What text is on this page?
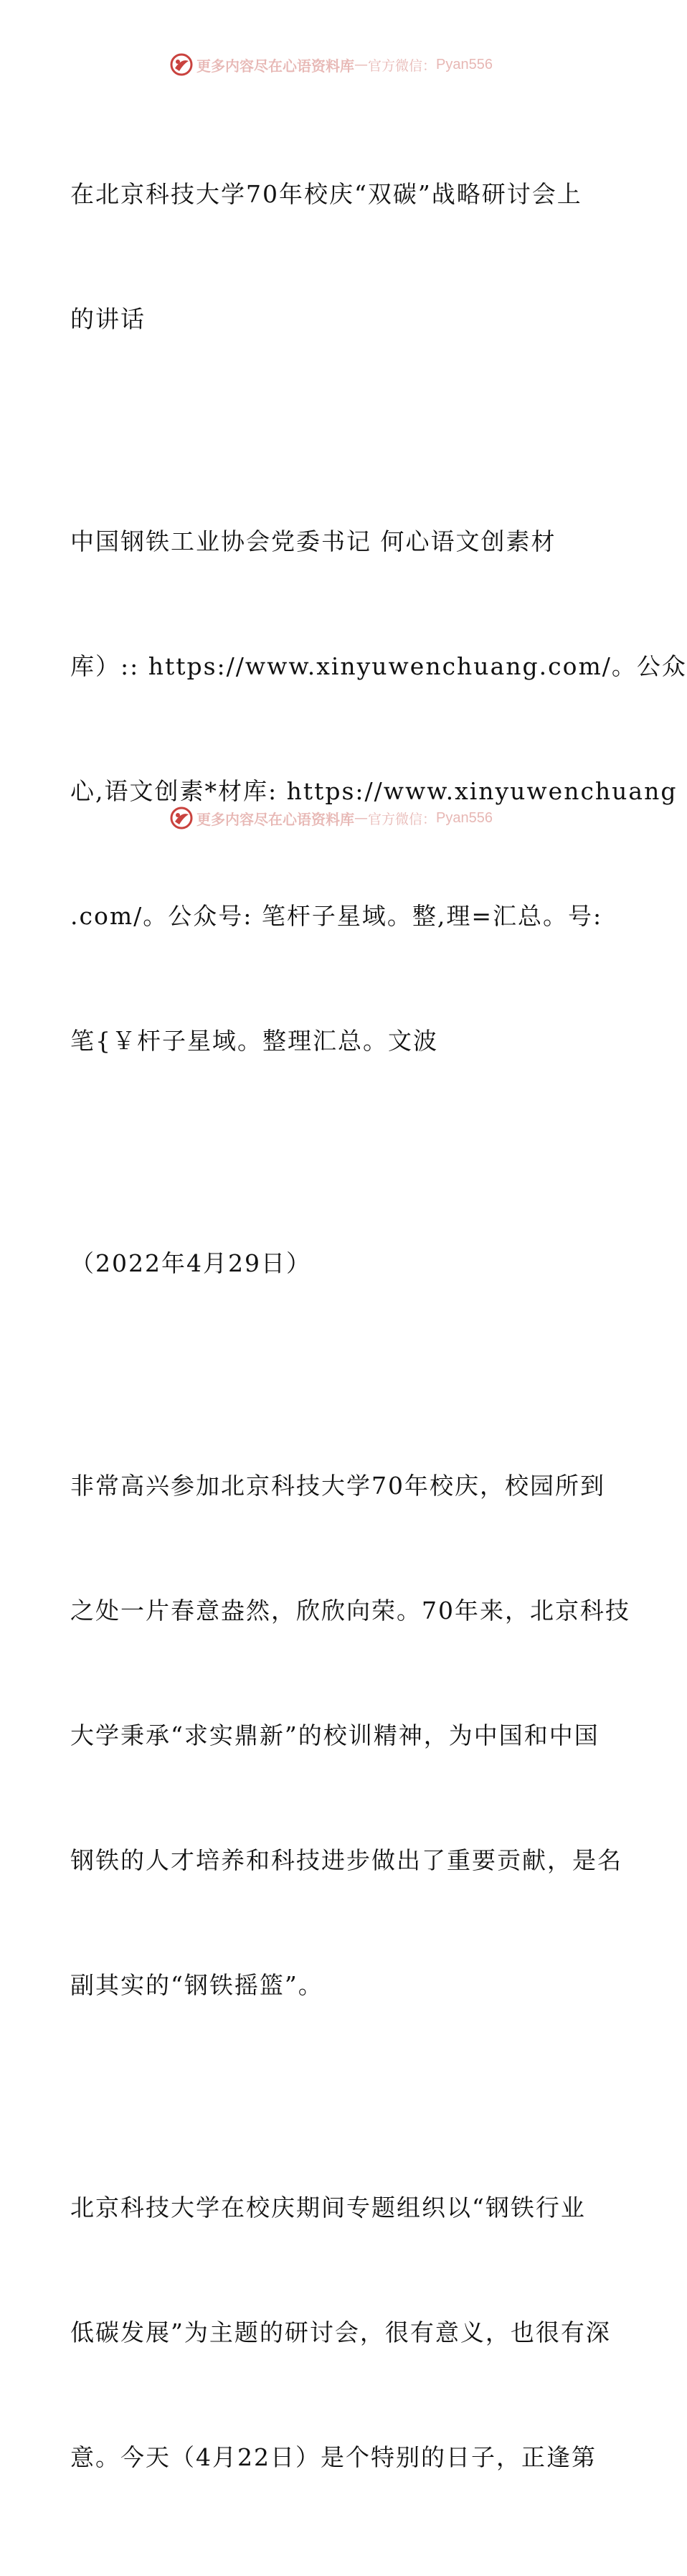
更多内容尽在心语资料库 — 官方微信： Pyan556

在北京科技大学70年校庆“双碳”战略研讨会上

的讲话

中国钢铁工业协会党委书记 何心语文创素材

库）:: https://www.xinyuwenchuang.com/。公众

心,语文创素*材库: https://www.xinyuwenchuang

.com/。公众号: 笔杆子星域。整,理=汇总。号:

笔{￥杆子星域。整理汇总。文波

（2022年4月29日）

非常高兴参加北京科技大学70年校庆，校园所到

之处一片春意盎然，欣欣向荣。70年来，北京科技

大学秉承“求实鼎新”的校训精神，为中国和中国

钢铁的人才培养和科技进步做出了重要贡献，是名

副其实的“钢铁摇篮”。

北京科技大学在校庆期间专题组织以“钢铁行业

低碳发展”为主题的研讨会，很有意义，也很有深

意。今天（4月22日）是个特别的日子，正逢第

更多内容尽在心语资料库 — 官方微信： Pyan556
